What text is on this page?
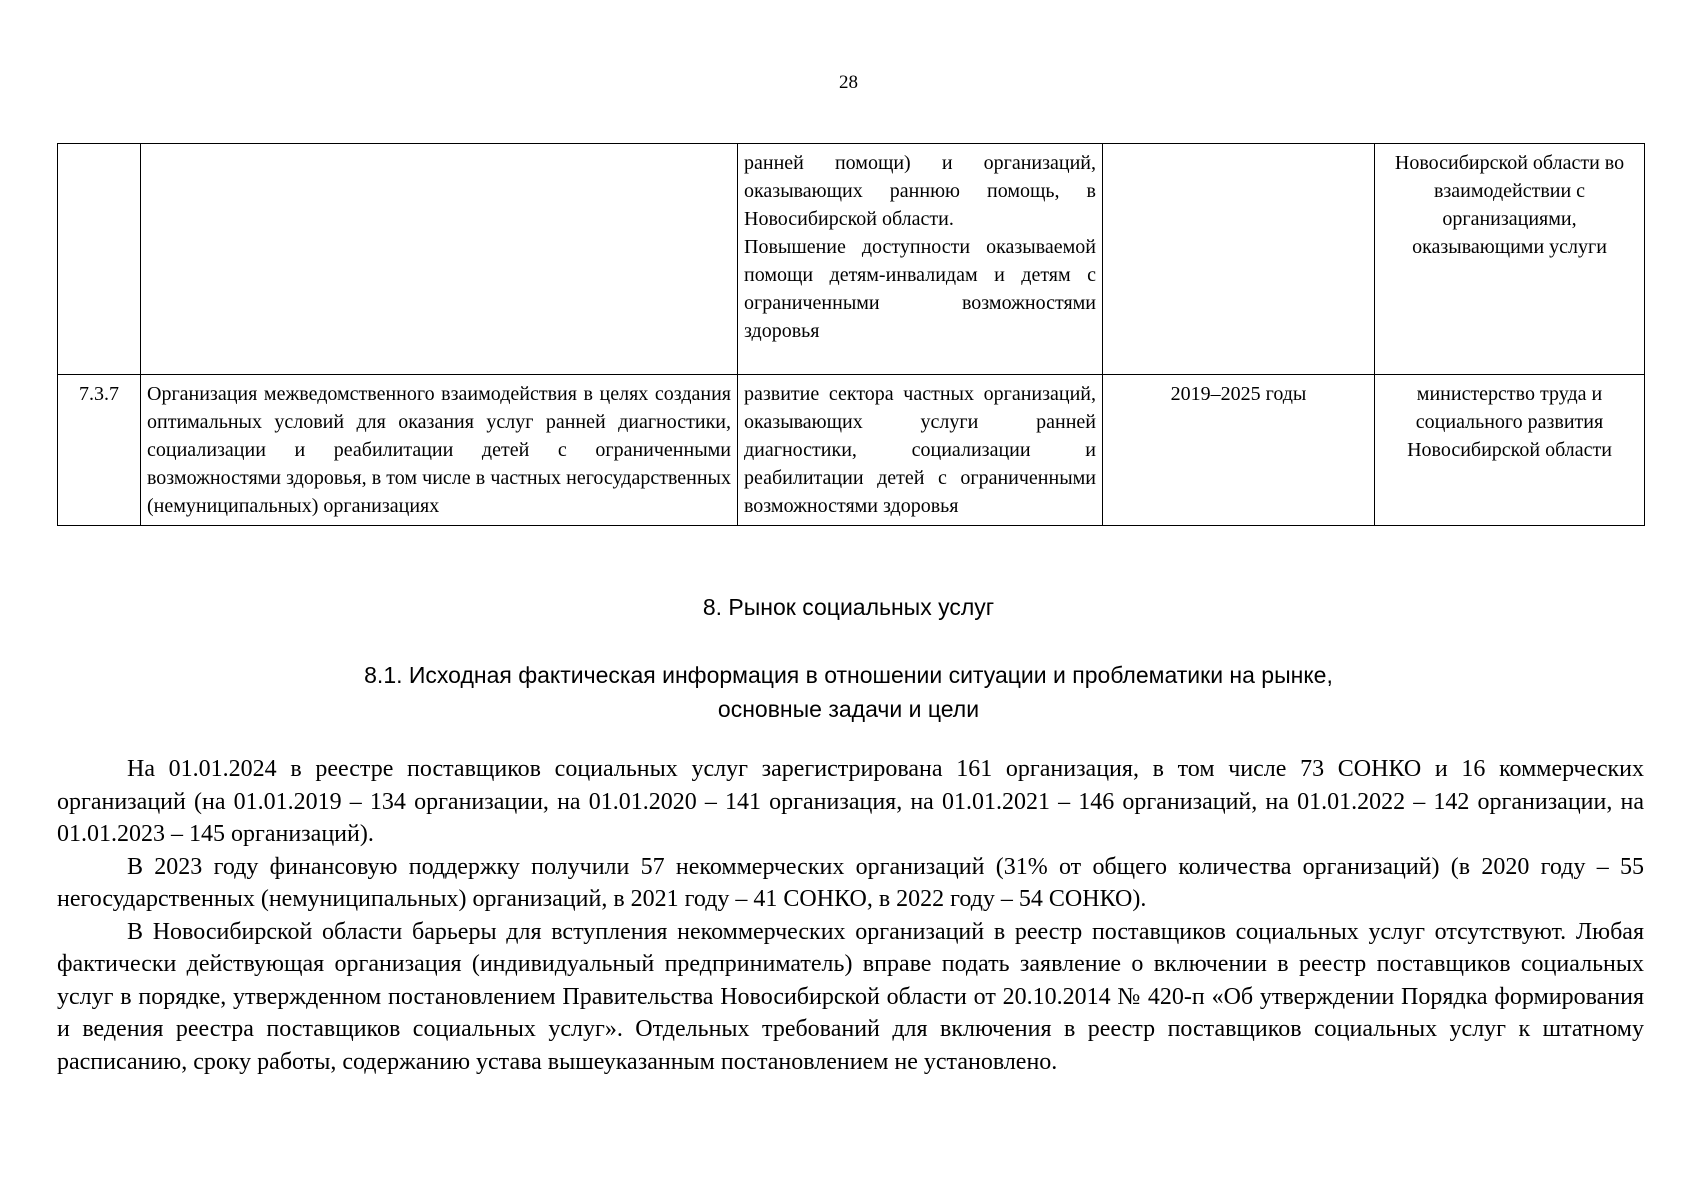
28

		ранней помощи) и организаций, оказывающих раннюю помощь, в Новосибирской области.
Повышение доступности оказываемой помощи детям-инвалидам и детям с ограниченными возможностями здоровья		Новосибирской области во взаимодействии с организациями, оказывающими услуги
7.3.7	Организация межведомственного взаимодействия в целях создания оптимальных условий для оказания услуг ранней диагностики, социализации и реабилитации детей с ограниченными возможностями здоровья, в том числе в частных негосударственных (немуниципальных) организациях	развитие сектора частных организаций, оказывающих услуги ранней диагностики, социализации и реабилитации детей с ограниченными возможностями здоровья	2019–2025 годы	министерство труда и социального развития Новосибирской области
8. Рынок социальных услуг
8.1. Исходная фактическая информация в отношении ситуации и проблематики на рынке,
основные задачи и цели

На 01.01.2024 в реестре поставщиков социальных услуг зарегистрирована 161 организация, в том числе 73 СОНКО и 16 коммерческих организаций (на 01.01.2019 – 134 организации, на 01.01.2020 – 141 организация, на 01.01.2021 – 146 организаций, на 01.01.2022 – 142 организации, на 01.01.2023 – 145 организаций).

В 2023 году финансовую поддержку получили 57 некоммерческих организаций (31% от общего количества организаций) (в 2020 году – 55 негосударственных (немуниципальных) организаций, в 2021 году – 41 СОНКО, в 2022 году – 54 СОНКО).

В Новосибирской области барьеры для вступления некоммерческих организаций в реестр поставщиков социальных услуг отсутствуют. Любая фактически действующая организация (индивидуальный предприниматель) вправе подать заявление о включении в реестр поставщиков социальных услуг в порядке, утвержденном постановлением Правительства Новосибирской области от 20.10.2014 № 420-п «Об утверждении Порядка формирования и ведения реестра поставщиков социальных услуг». Отдельных требований для включения в реестр поставщиков социальных услуг к штатному расписанию, сроку работы, содержанию устава вышеуказанным постановлением не установлено.
